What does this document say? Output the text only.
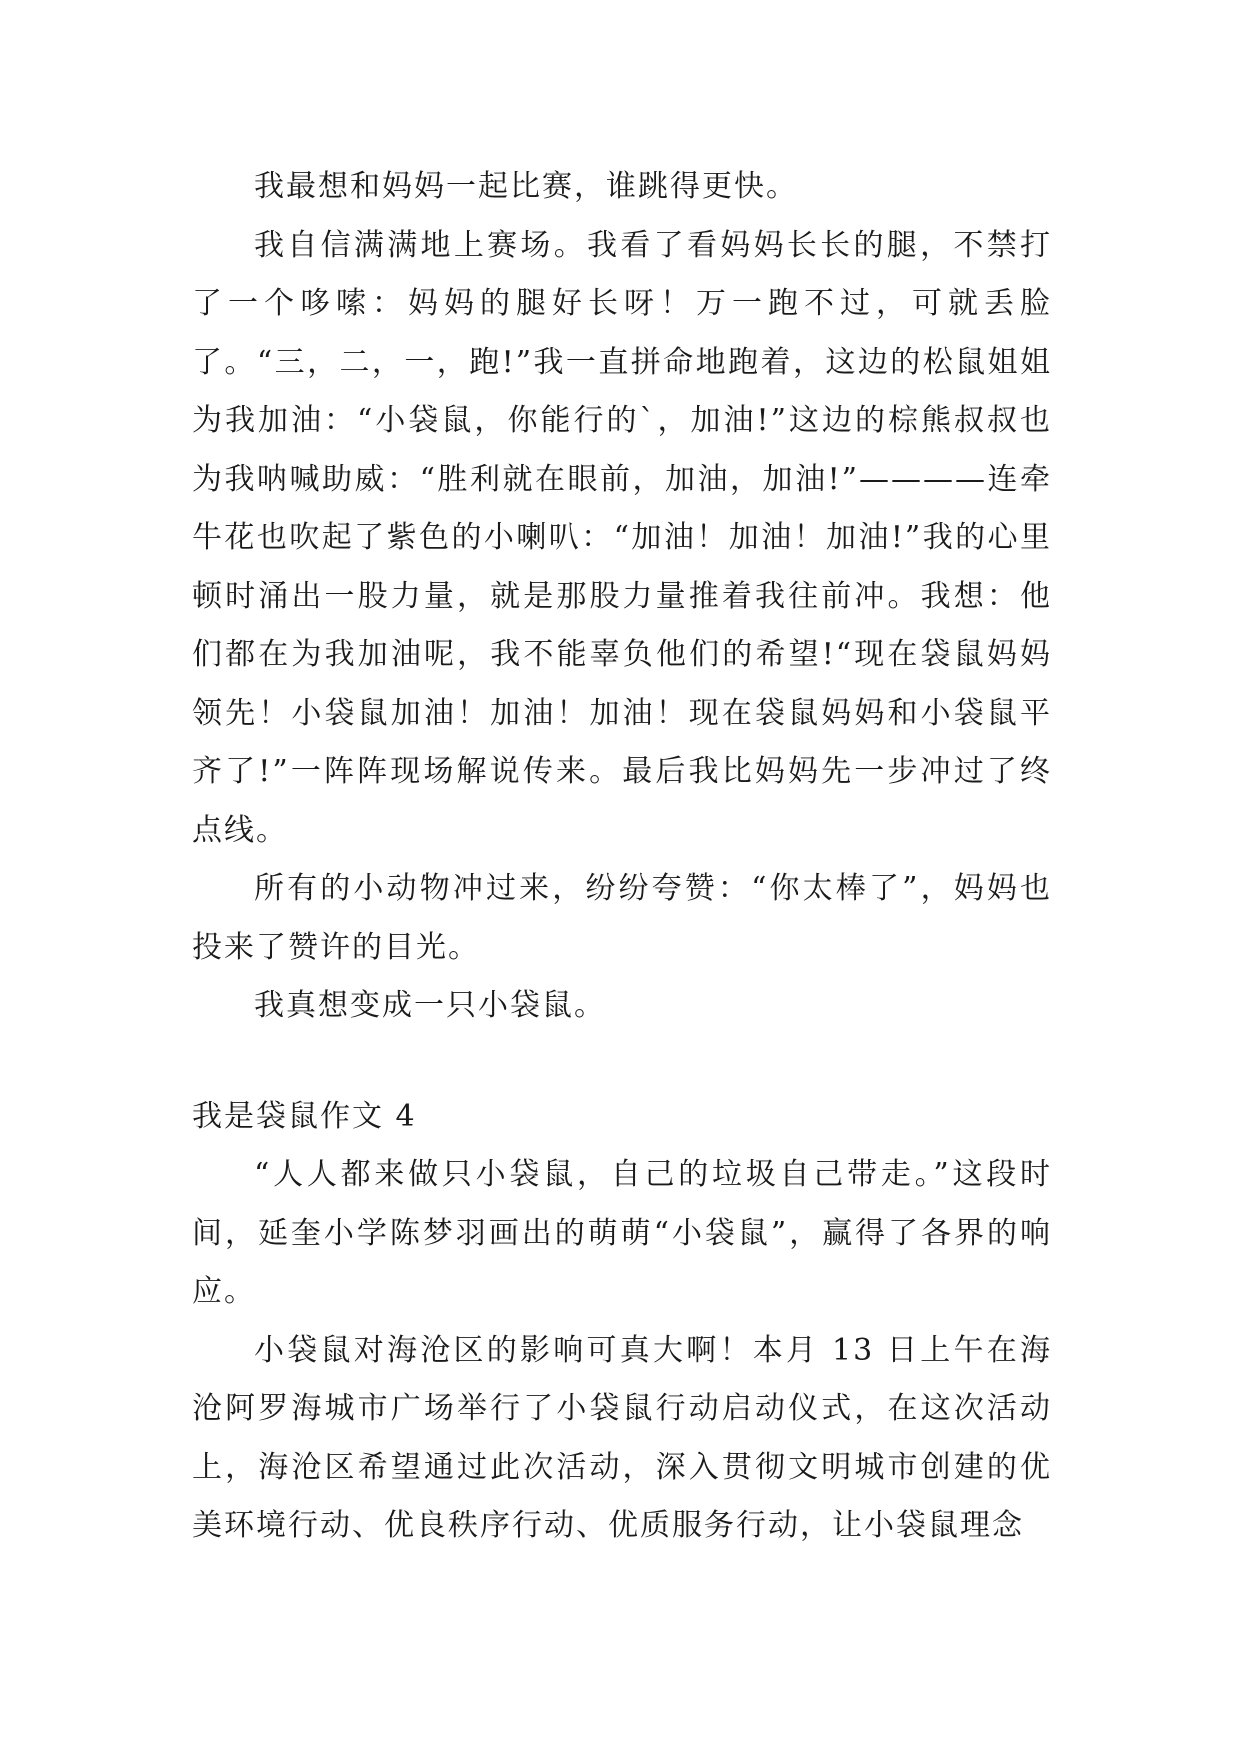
我最想和妈妈一起比赛，谁跳得更快。

我自信满满地上赛场。我看了看妈妈长长的腿，不禁打了一个哆嗦：妈妈的腿好长呀！万一跑不过，可就丢脸了。“三，二，一，跑!”我一直拼命地跑着，这边的松鼠姐姐为我加油：“小袋鼠，你能行的`，加油!”这边的棕熊叔叔也为我呐喊助威：“胜利就在眼前，加油，加油!”————连牵牛花也吹起了紫色的小喇叭：“加油！加油！加油!”我的心里顿时涌出一股力量，就是那股力量推着我往前冲。我想：他们都在为我加油呢，我不能辜负他们的希望!“现在袋鼠妈妈领先！小袋鼠加油！加油！加油！现在袋鼠妈妈和小袋鼠平齐了!”一阵阵现场解说传来。最后我比妈妈先一步冲过了终点线。

所有的小动物冲过来，纷纷夸赞：“你太棒了”，妈妈也投来了赞许的目光。

我真想变成一只小袋鼠。

我是袋鼠作文 4

“人人都来做只小袋鼠，自己的垃圾自己带走。”这段时间，延奎小学陈梦羽画出的萌萌“小袋鼠”，赢得了各界的响应。

小袋鼠对海沧区的影响可真大啊！本月 13 日上午在海沧阿罗海城市广场举行了小袋鼠行动启动仪式，在这次活动上，海沧区希望通过此次活动，深入贯彻文明城市创建的优美环境行动、优良秩序行动、优质服务行动，让小袋鼠理念
